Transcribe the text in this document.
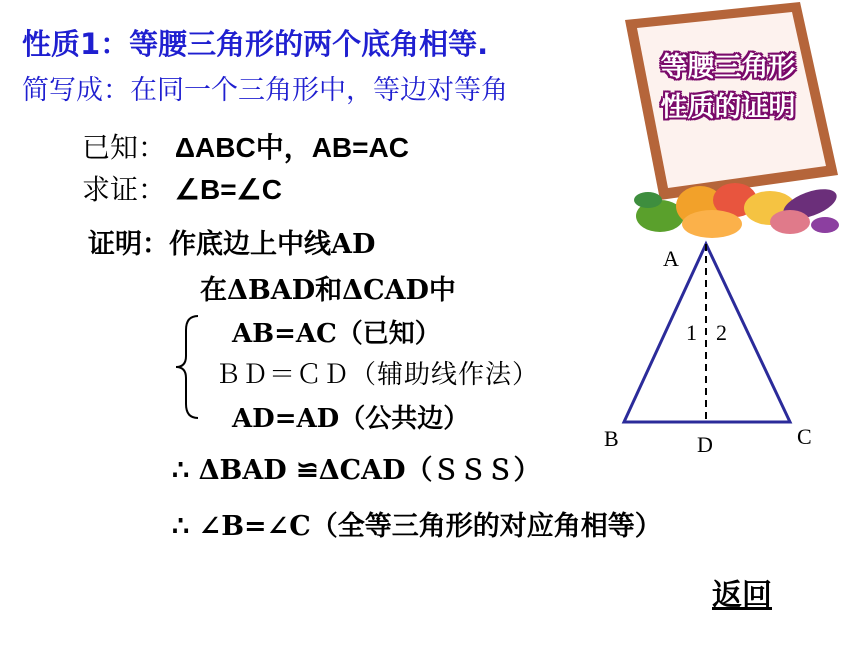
性质1：等腰三角形的两个底角相等.
简写成：在同一个三角形中，等边对等角
等腰三角形
性质的证明
已知： ΔABC中，AB=AC
求证： ∠B=∠C
证明：作底边上中线AD
在ΔBAD和ΔCAD中
AB=AC（已知）
ＢＤ＝ＣＤ（辅助线作法）
AD=AD（公共边）
∴ ΔBAD ≌ΔCAD（ＳＳＳ）
∴ ∠B=∠C（全等三角形的对应角相等）
A
B	C
D
1 2
返回
